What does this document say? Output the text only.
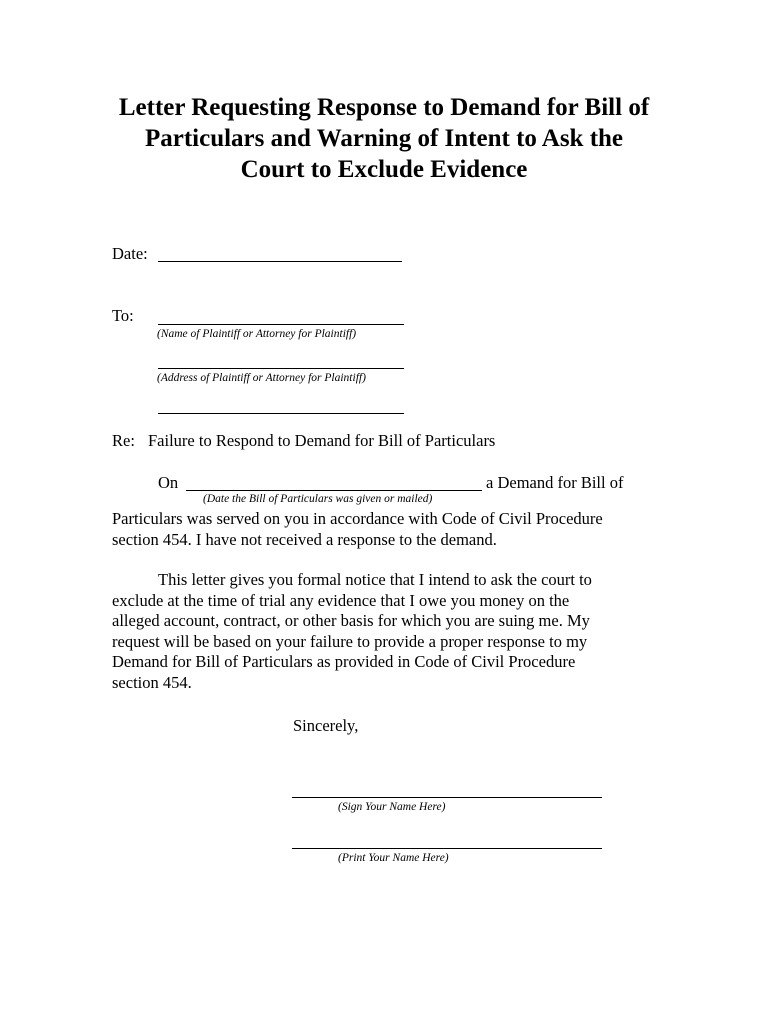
Letter Requesting Response to Demand for Bill of
Particulars and Warning of Intent to Ask the
Court to Exclude Evidence
Date:
To:
(Name of Plaintiff or Attorney for Plaintiff)
(Address of Plaintiff or Attorney for Plaintiff)
Re: Failure to Respond to Demand for Bill of Particulars
On	a Demand for Bill of
(Date the Bill of Particulars was given or mailed)
Particulars was served on you in accordance with Code of Civil Procedure
section 454. I have not received a response to the demand.
This letter gives you formal notice that I intend to ask the court to
exclude at the time of trial any evidence that I owe you money on the
alleged account, contract, or other basis for which you are suing me. My
request will be based on your failure to provide a proper response to my
Demand for Bill of Particulars as provided in Code of Civil Procedure
section 454.
Sincerely,
(Sign Your Name Here)
(Print Your Name Here)
